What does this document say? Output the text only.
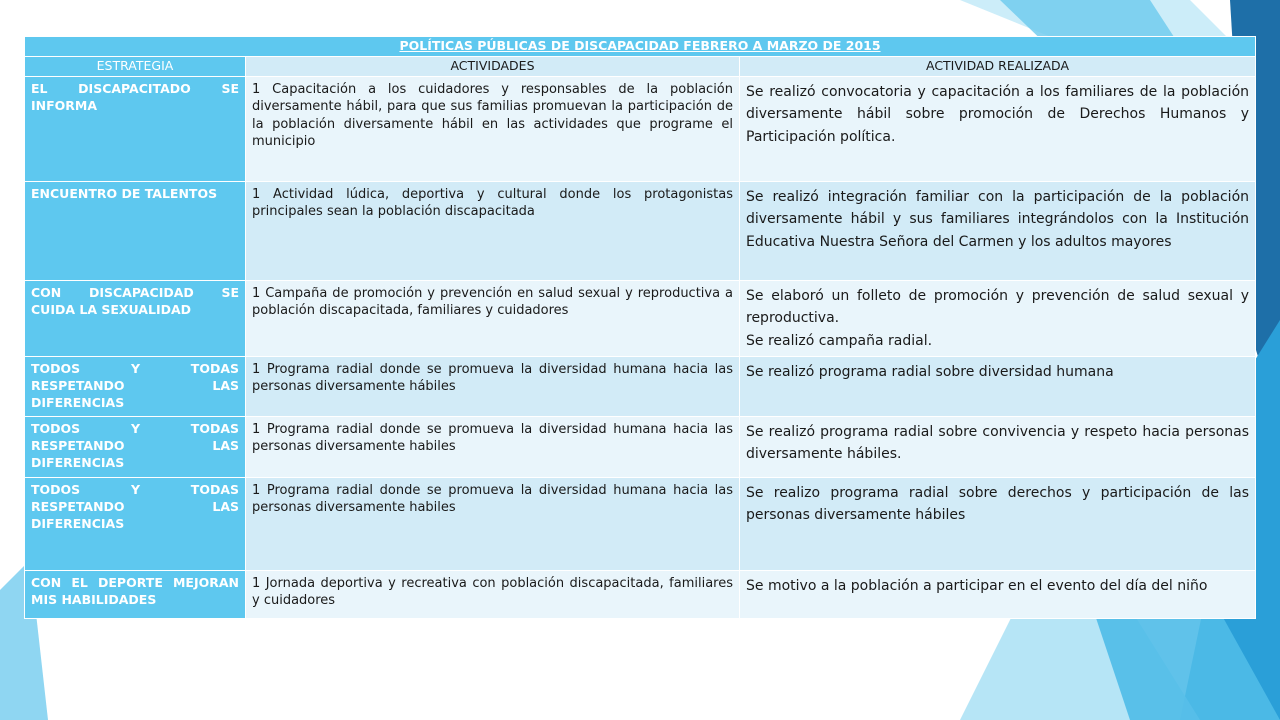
POLÍTICAS PÚBLICAS DE DISCAPACIDAD FEBRERO A MARZO DE 2015		
ESTRATEGIA	ACTIVIDADES	ACTIVIDAD REALIZADA
EL DISCAPACITADO SE INFORMA	1 Capacitación a los cuidadores y responsables de la población diversamente hábil, para que sus familias promuevan la participación de la población diversamente hábil en las actividades que programe el municipio	Se realizó convocatoria y capacitación a los familiares de la población diversamente hábil sobre promoción de Derechos Humanos y Participación política.
ENCUENTRO DE TALENTOS	1 Actividad lúdica, deportiva y cultural donde los protagonistas principales sean la población discapacitada	Se realizó integración familiar con la participación de la población diversamente hábil y sus familiares integrándolos con la Institución Educativa Nuestra Señora del Carmen y los adultos mayores
CON DISCAPACIDAD SE CUIDA LA SEXUALIDAD	1 Campaña de promoción y prevención en salud sexual y reproductiva a población discapacitada, familiares y cuidadores	Se elaboró un folleto de promoción y prevención de salud sexual y reproductiva.
Se realizó campaña radial.

TODOS Y TODAS RESPETANDO LAS DIFERENCIAS	1 Programa radial donde se promueva la diversidad humana hacia las personas diversamente hábiles	Se realizó programa radial sobre diversidad humana
TODOS Y TODAS RESPETANDO LAS DIFERENCIAS	1 Programa radial donde se promueva la diversidad humana hacia las personas diversamente habiles	Se realizó programa radial sobre convivencia y respeto hacia personas diversamente hábiles.
TODOS Y TODAS RESPETANDO LAS DIFERENCIAS	1 Programa radial donde se promueva la diversidad humana hacia las personas diversamente habiles	Se realizo programa radial sobre derechos y participación de las personas diversamente hábiles
CON EL DEPORTE MEJORAN MIS HABILIDADES	1 Jornada deportiva y recreativa con población discapacitada, familiares y cuidadores	Se motivo a la población a participar en el evento del día del niño
